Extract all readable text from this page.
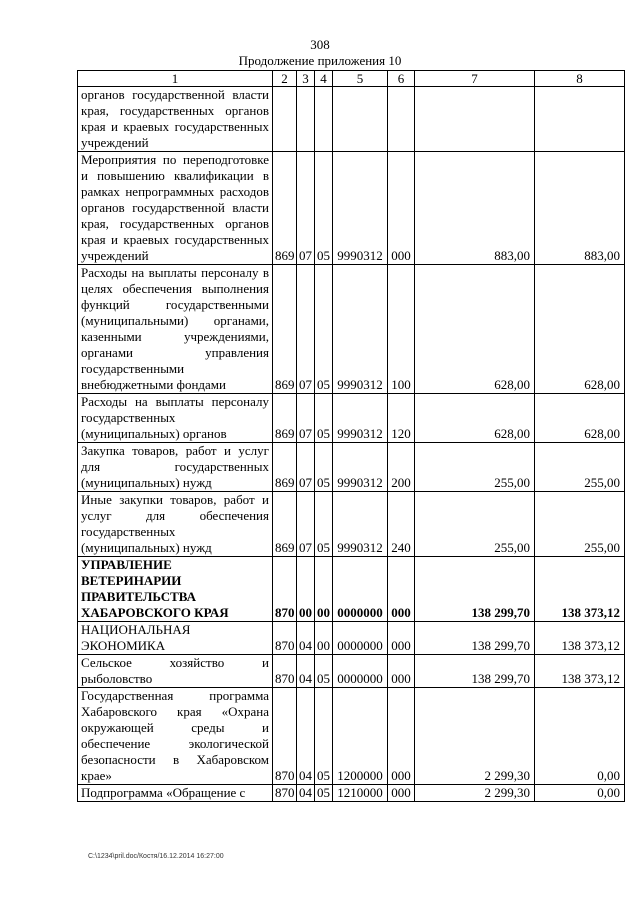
308
Продолжение приложения 10
1	2	3	4	5	6	7	8
органов государственной власти края, государственных органов края и краевых государственных учреждений							
Мероприятия по переподготовке и повышению квалификации в рамках непрограммных расходов органов государственной власти края, государственных органов края и краевых государственных учреждений	869	07	05	9990312	000	883,00	883,00
Расходы на выплаты персоналу в целях обеспечения выполнения функций государственными (муниципальными) органами, казенными учреждениями, органами управления государственными внебюджетными фондами	869	07	05	9990312	100	628,00	628,00
Расходы на выплаты персоналу государственных (муниципальных) органов	869	07	05	9990312	120	628,00	628,00
Закупка товаров, работ и услуг для государственных (муниципальных) нужд	869	07	05	9990312	200	255,00	255,00
Иные закупки товаров, работ и услуг для обеспечения государственных (муниципальных) нужд	869	07	05	9990312	240	255,00	255,00
УПРАВЛЕНИЕ ВЕТЕРИНАРИИ ПРАВИТЕЛЬСТВА ХАБАРОВСКОГО КРАЯ	870	00	00	0000000	000	138 299,70	138 373,12
НАЦИОНАЛЬНАЯ ЭКОНОМИКА	870	04	00	0000000	000	138 299,70	138 373,12
Сельское хозяйство и рыболовство	870	04	05	0000000	000	138 299,70	138 373,12
Государственная программа Хабаровского края «Охрана окружающей среды и обеспечение экологической безопасности в Хабаровском крае»	870	04	05	1200000	000	2 299,30	0,00
Подпрограмма «Обращение с	870	04	05	1210000	000	2 299,30	0,00
C:\1234\pril.doc/Костя/16.12.2014 16:27:00
